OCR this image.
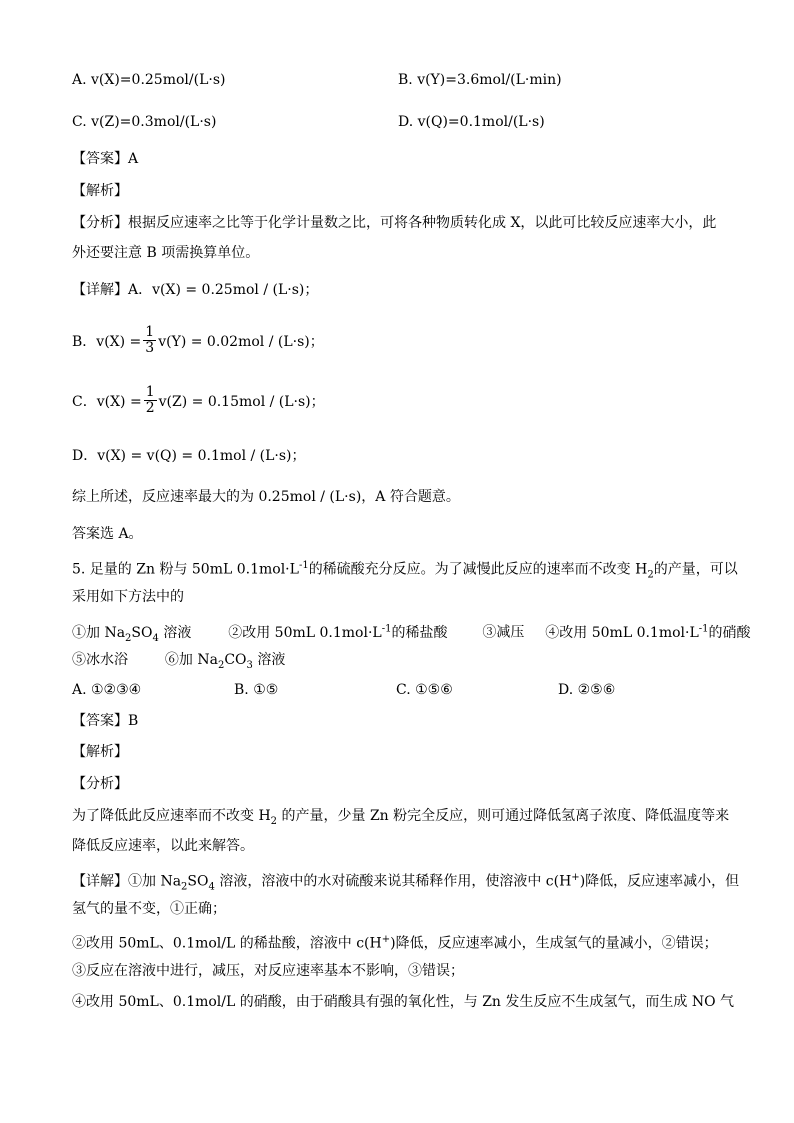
A. v(X)=0.25mol/(L·s)	B. v(Y)=3.6mol/(L·min)
C. v(Z)=0.3mol/(L·s)	D. v(Q)=0.1mol/(L·s)
【答案】A
【解析】
【分析】根据反应速率之比等于化学计量数之比，可将各种物质转化成 X，以此可比较反应速率大小，此
外还要注意 B 项需换算单位。
【详解】A．v(X) = 0.25mol / (L·s)；
B．$v(X) = \frac{1}{3} v(Y) = 0.02mol / (L\cdot s)$；
C．$v(X) = \frac{1}{2} v(Z) = 0.15mol / (L\cdot s)$；
D．v(X) = v(Q) = 0.1mol / (L·s)；
综上所述，反应速率最大的为 0.25mol / (L·s)，A 符合题意。
答案选 A。
5. 足量的 Zn 粉与 50mL $0.1mol\cdot L^{-1}$的稀硫酸充分反应。为了减慢此反应的速率而不改变 $H_2$的产量，可以
采用如下方法中的
①加 $Na_2SO_4$ 溶液	②改用 50mL $0.1mol\cdot L^{-1}$的稀盐酸 ③减压 ④改用 50mL $0.1mol\cdot L^{-1}$的硝酸
⑤冰水浴	⑥加 $Na_2CO_3$ 溶液
A. ①②③④	B. ①⑤	C. ①⑤⑥	D. ②⑤⑥
【答案】B
【解析】
【分析】
为了降低此反应速率而不改变 $H_2$ 的产量，少量 Zn 粉完全反应，则可通过降低氢离子浓度、降低温度等来
降低反应速率，以此来解答。
【详解】①加 $Na_2SO_4$ 溶液，溶液中的水对硫酸来说其稀释作用，使溶液中 c(H+)降低，反应速率减小，但
氢气的量不变，①正确；
②改用 50mL、0.1mol/L 的稀盐酸，溶液中 c(H+)降低，反应速率减小，生成氢气的量减小，②错误；
③反应在溶液中进行，减压，对反应速率基本不影响，③错误；
④改用 50mL、0.1mol/L 的硝酸，由于硝酸具有强的氧化性，与 Zn 发生反应不生成氢气，而生成 NO 气
